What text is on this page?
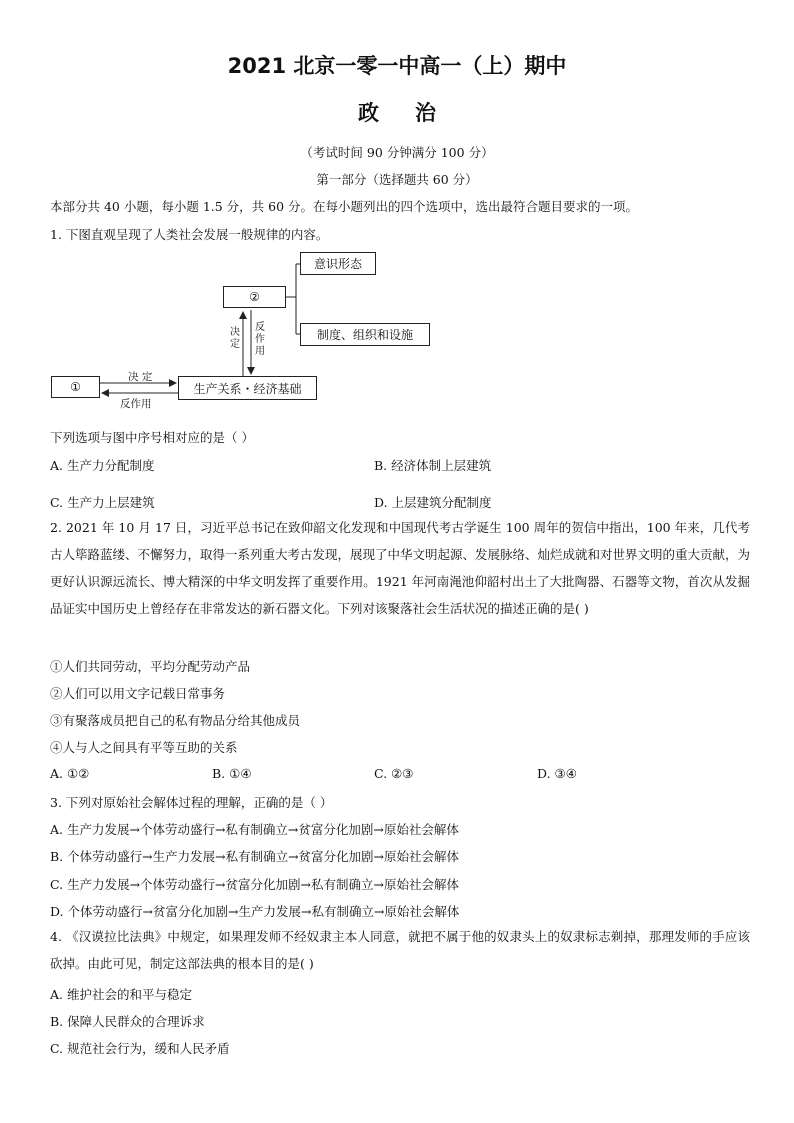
2021 北京一零一中高一（上）期中
政治
（考试时间 90 分钟满分 100 分）
第一部分（选择题共 60 分）
本部分共 40 小题，每小题 1.5 分，共 60 分。在每小题列出的四个选项中，选出最符合题目要求的一项。
1. 下图直观呈现了人类社会发展一般规律的内容。
①
②
生产关系・经济基础
意识形态
制度、组织和设施
决定
反作用
决 定
反作用
下列选项与图中序号相对应的是（ ）
A. 生产力分配制度	B. 经济体制上层建筑
C. 生产力上层建筑	D. 上层建筑分配制度
2. 2021 年 10 月 17 日，习近平总书记在致仰韶文化发现和中国现代考古学诞生 100 周年的贺信中指出，100 年来，几代考古人筚路蓝缕、不懈努力，取得一系列重大考古发现，展现了中华文明起源、发展脉络、灿烂成就和对世界文明的重大贡献，为更好认识源远流长、博大精深的中华文明发挥了重要作用。1921 年河南渑池仰韶村出土了大批陶器、石器等文物，首次从发掘品证实中国历史上曾经存在非常发达的新石器文化。下列对该聚落社会生活状况的描述正确的是( )
①人们共同劳动，平均分配劳动产品
②人们可以用文字记载日常事务
③有聚落成员把自己的私有物品分给其他成员
④人与人之间具有平等互助的关系
A. ①②	B. ①④	C. ②③	D. ③④
3. 下列对原始社会解体过程的理解，正确的是（ ）
A. 生产力发展→个体劳动盛行→私有制确立→贫富分化加剧→原始社会解体
B. 个体劳动盛行→生产力发展→私有制确立→贫富分化加剧→原始社会解体
C. 生产力发展→个体劳动盛行→贫富分化加剧→私有制确立→原始社会解体
D. 个体劳动盛行→贫富分化加剧→生产力发展→私有制确立→原始社会解体
4. 《汉谟拉比法典》中规定，如果理发师不经奴隶主本人同意，就把不属于他的奴隶头上的奴隶标志剃掉，那理发师的手应该砍掉。由此可见，制定这部法典的根本目的是( )
A. 维护社会的和平与稳定
B. 保障人民群众的合理诉求
C. 规范社会行为，缓和人民矛盾
